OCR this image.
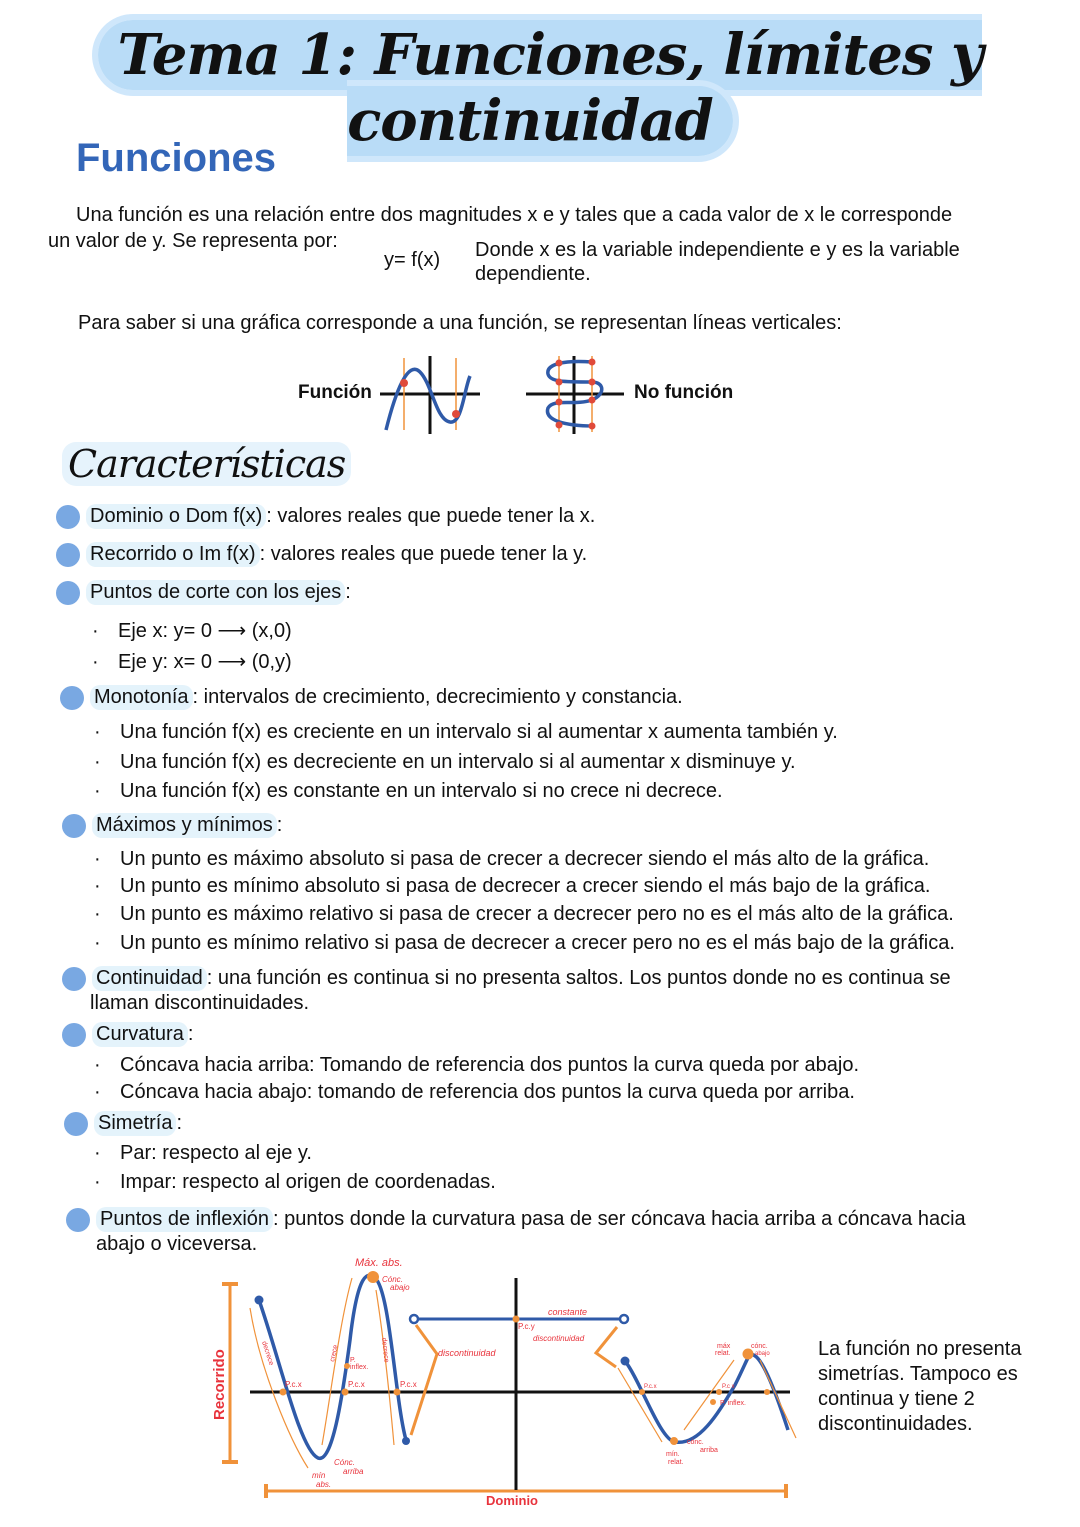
Tema 1: Funciones, límites y continuidad
Funciones
Una función es una relación entre dos magnitudes x e y tales que a cada valor de x le corresponde
un valor de y. Se representa por:
y= f(x) Donde x es la variable independiente e y es la variable
dependiente.
Para saber si una gráfica corresponde a una función, se representan líneas verticales:
Función	No función
Características
Dominio o Dom f(x) : valores reales que puede tener la x.
Recorrido o Im f(x) : valores reales que puede tener la y.
Puntos de corte con los ejes :
· Eje x: y= 0 ⟶ (x,0)
· Eje y: x= 0 ⟶ (0,y)
Monotonía : intervalos de crecimiento, decrecimiento y constancia.
· Una función f(x) es creciente en un intervalo si al aumentar x aumenta también y.
· Una función f(x) es decreciente en un intervalo si al aumentar x disminuye y.
· Una función f(x) es constante en un intervalo si no crece ni decrece.
Máximos y mínimos :
· Un punto es máximo absoluto si pasa de crecer a decrecer siendo el más alto de la gráfica.
· Un punto es mínimo absoluto si pasa de decrecer a crecer siendo el más bajo de la gráfica.
· Un punto es máximo relativo si pasa de crecer a decrecer pero no es el más alto de la gráfica.
· Un punto es mínimo relativo si pasa de decrecer a crecer pero no es el más bajo de la gráfica.
Continuidad : una función es continua si no presenta saltos. Los puntos donde no es continua se
llaman discontinuidades.
Curvatura :
· Cóncava hacia arriba: Tomando de referencia dos puntos la curva queda por abajo.
· Cóncava hacia abajo: tomando de referencia dos puntos la curva queda por arriba.
Simetría :
· Par: respecto al eje y.
· Impar: respecto al origen de coordenadas.
Puntos de inflexión : puntos donde la curvatura pasa de ser cóncava hacia arriba a cóncava hacia
abajo o viceversa.
Máx. abs.
Cónc.
abajo
Cónc.
arriba
mín
abs.
P.c.x	P.c.x	P.c.x
P.
inflex.
discontinuidad
discontinuidad
constante
P.c.y
P.c.x	P.c x
P. inflex.
mín.
relat.
cónc.
arriba
máx
relat.
cónc.
abajo
Dominio
Recorrido	decrece	crece	decrece	La función no presenta
simetrías. Tampoco es
continua y tiene 2
discontinuidades.
